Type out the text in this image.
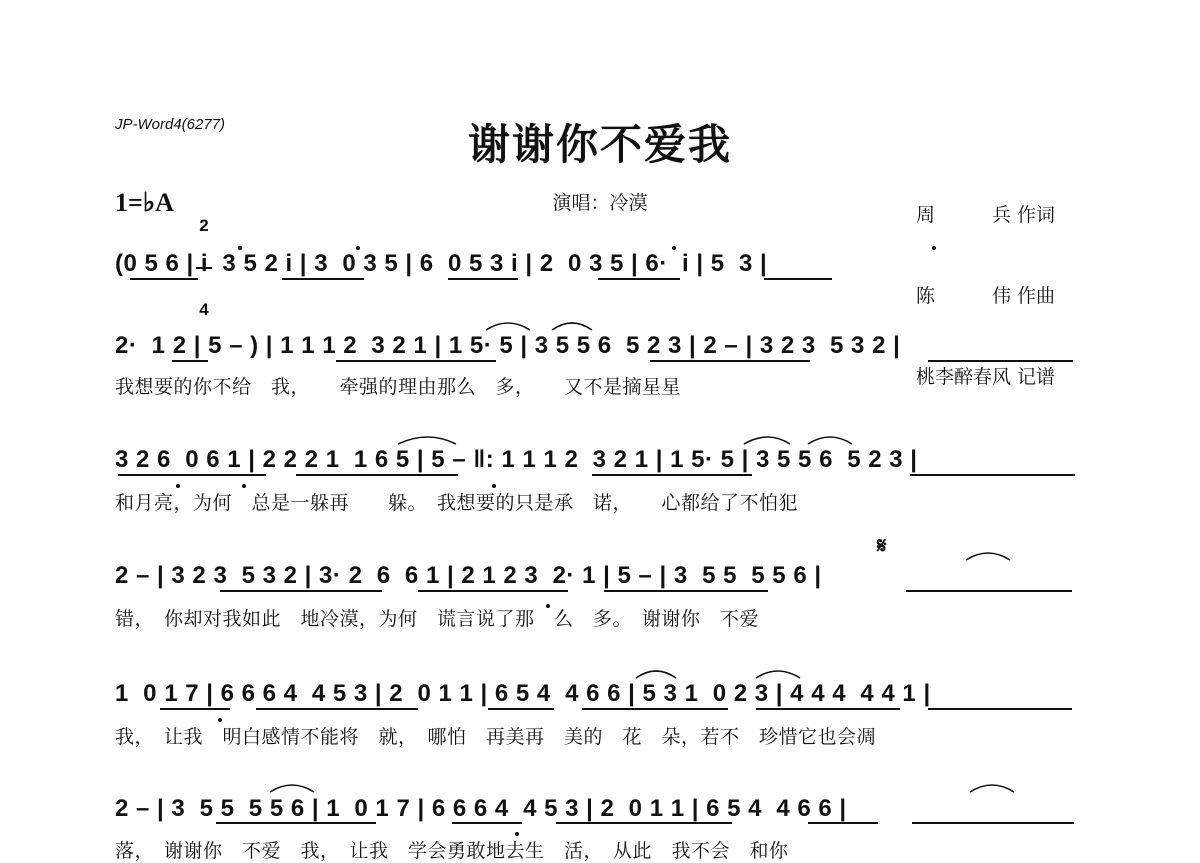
JP-Word4(6277)	谢谢你不爱我

周　　　兵 作词

陈　　　伟 作曲

桃李醉春风 记谱

1=♭A

2

4

演唱：冷漠
(0 5 6 | i  3 5 2 i | 3  0 3 5 | 6  0 5 3 i | 2  0 3 5 | 6·  i | 5  3 |
2·  1 2 | 5 – ) | 1 1 1 2  3 2 1 | 1 5· 5 | 3 5 5 6  5 2 3 | 2 – | 3 2 3  5 3 2 |
我想要的你不给　我，　　牵强的理由那么　多，　　又不是摘星星
3 2 6  0 6 1 | 2 2 2 1  1 6 5 | 5 – ‖: 1 1 1 2  3 2 1 | 1 5· 5 | 3 5 5 6  5 2 3 |
和月亮，为何　总是一躲再　　躲。　我想要的只是承　诺，　　心都给了不怕犯
𝄋
2 – | 3 2 3  5 3 2 | 3· 2  6  6 1 | 2 1 2 3  2· 1 | 5 – | 3  5 5  5 5 6 |
错，　你却对我如此　地冷漠，为何　谎言说了那　么　多。　谢谢你　不爱
1  0 1 7 | 6 6 6 4  4 5 3 | 2  0 1 1 | 6 5 4  4 6 6 | 5 3 1  0 2 3 | 4 4 4  4 4 1 |
我，　让我　明白感情不能将　就，　哪怕　再美再　美的　花　朵，若不　珍惜它也会凋
2 – | 3  5 5  5 5 6 | 1  0 1 7 | 6 6 6 4  4 5 3 | 2  0 1 1 | 6 5 4  4 6 6 |
落，　谢谢你　不爱　我，　让我　学会勇敢地去生　活，　从此　我不会　和你
